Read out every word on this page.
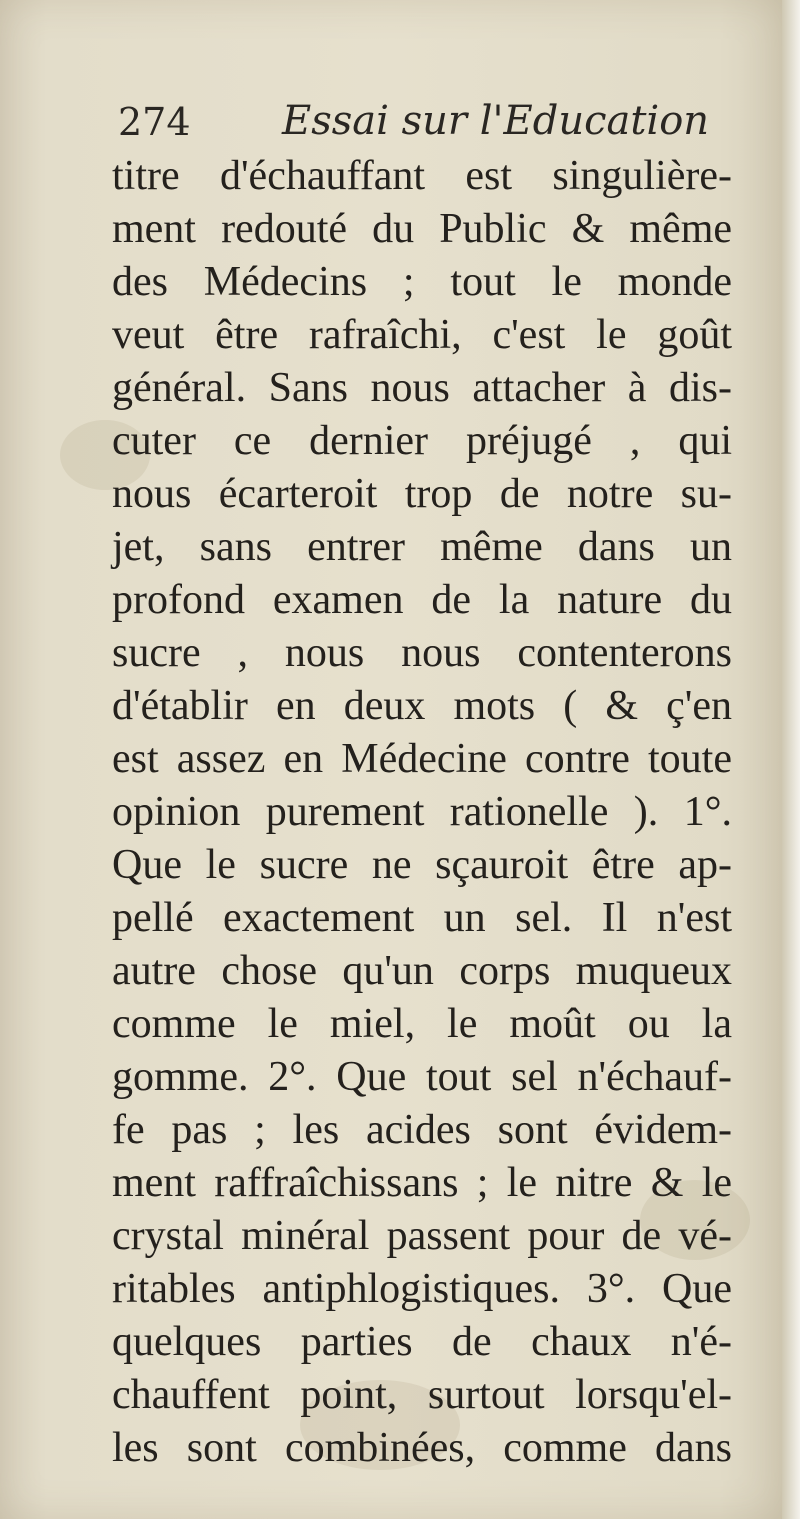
274 Essai sur l'Education
titre d'échauffant est singulière-
ment redouté du Public & même
des Médecins ; tout le monde
veut être rafraîchi, c'est le goût
général. Sans nous attacher à dis-
cuter ce dernier préjugé , qui
nous écarteroit trop de notre su-
jet, sans entrer même dans un
profond examen de la nature du
sucre , nous nous contenterons
d'établir en deux mots ( & ç'en
est assez en Médecine contre toute
opinion purement rationelle ). 1°.
Que le sucre ne sçauroit être ap-
pellé exactement un sel. Il n'est
autre chose qu'un corps muqueux
comme le miel, le moût ou la
gomme. 2°. Que tout sel n'échauf-
fe pas ; les acides sont évidem-
ment raffraîchissans ; le nitre & le
crystal minéral passent pour de vé-
ritables antiphlogistiques. 3°. Que
quelques parties de chaux n'é-
chauffent point, surtout lorsqu'el-
les sont combinées, comme dans
